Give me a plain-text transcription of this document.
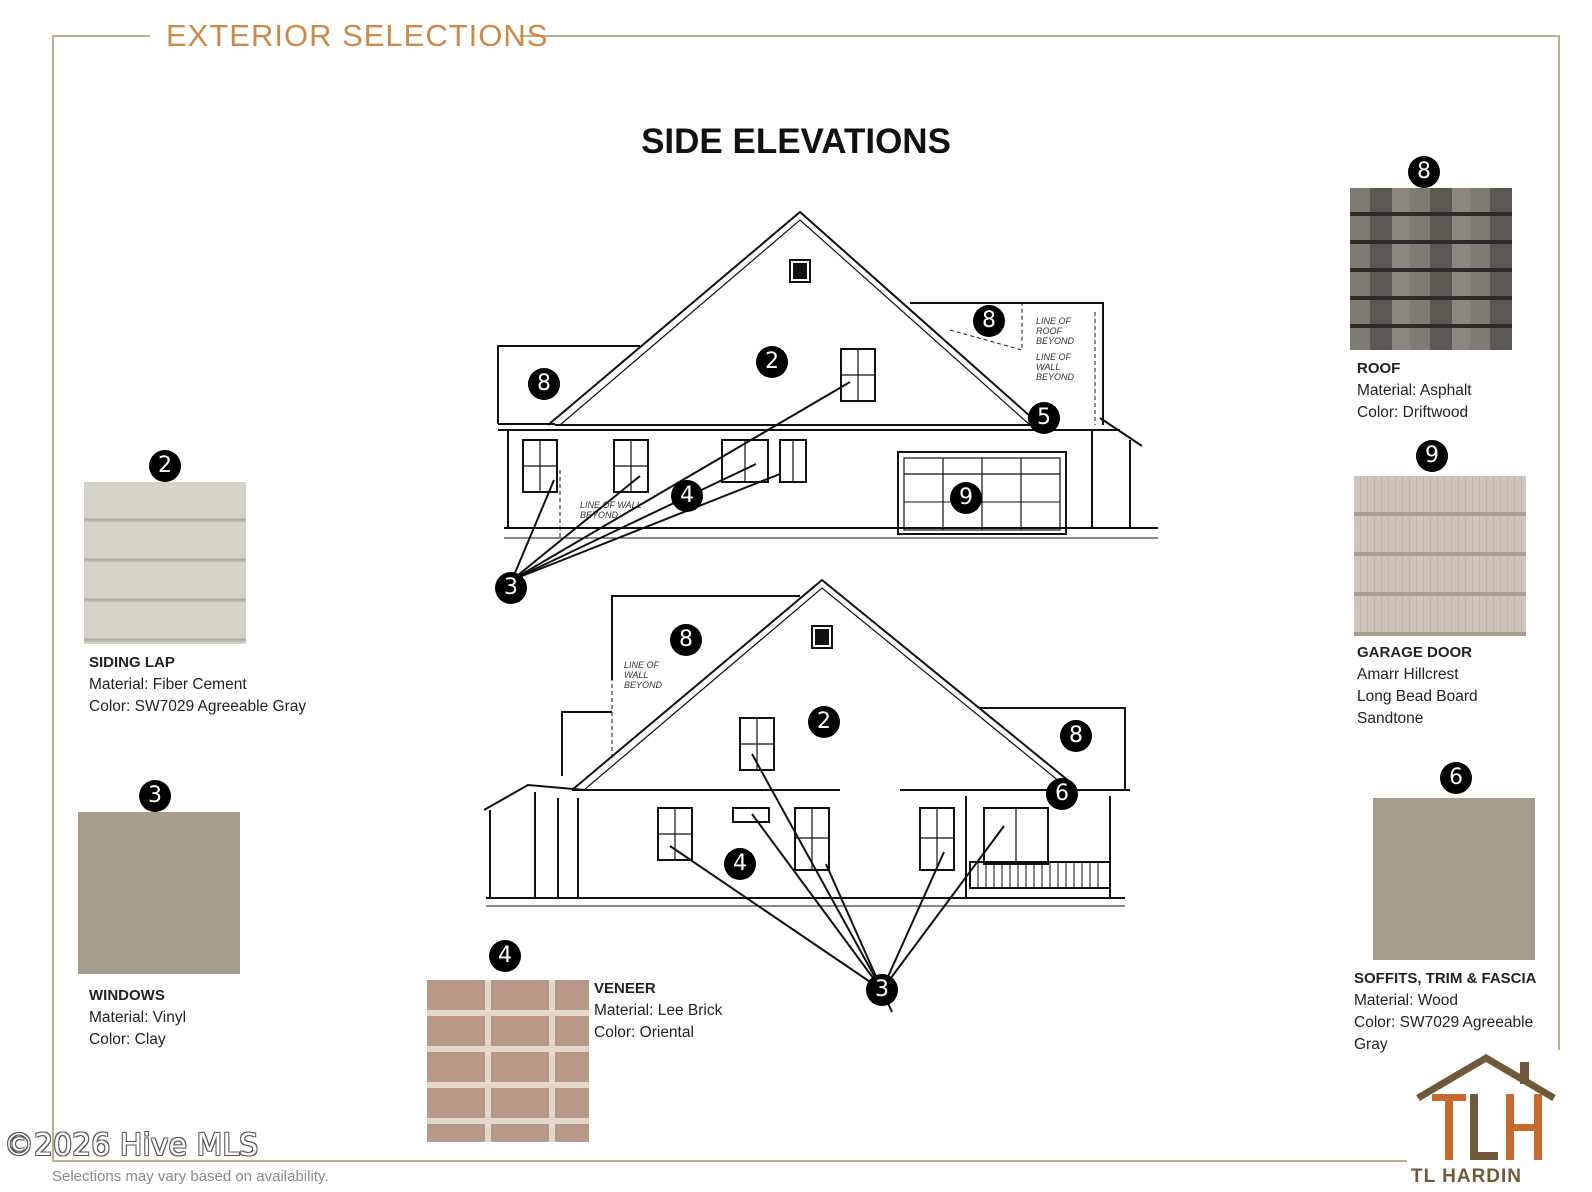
EXTERIOR SELECTIONS
SIDE ELEVATIONS
LINE OF ROOF BEYOND
LINE OF WALL BEYOND
LINE OF WALL BEYOND
LINE OF WALL BEYOND
8
2
8
5
4	9
3
8
2
8
6
4
3
2
SIDING LAP
Material: Fiber Cement
Color: SW7029 Agreeable Gray
3
WINDOWS
Material: Vinyl
Color: Clay
4
VENEER
Material: Lee Brick
Color: Oriental
8
ROOF
Material: Asphalt
Color: Driftwood
9
GARAGE DOOR
Amarr Hillcrest
Long Bead Board
Sandtone
6
SOFFITS, TRIM & FASCIA
Material: Wood
Color: SW7029 Agreeable
Gray
TL HARDIN
©2026 Hive MLS
Selections may vary based on availability.
